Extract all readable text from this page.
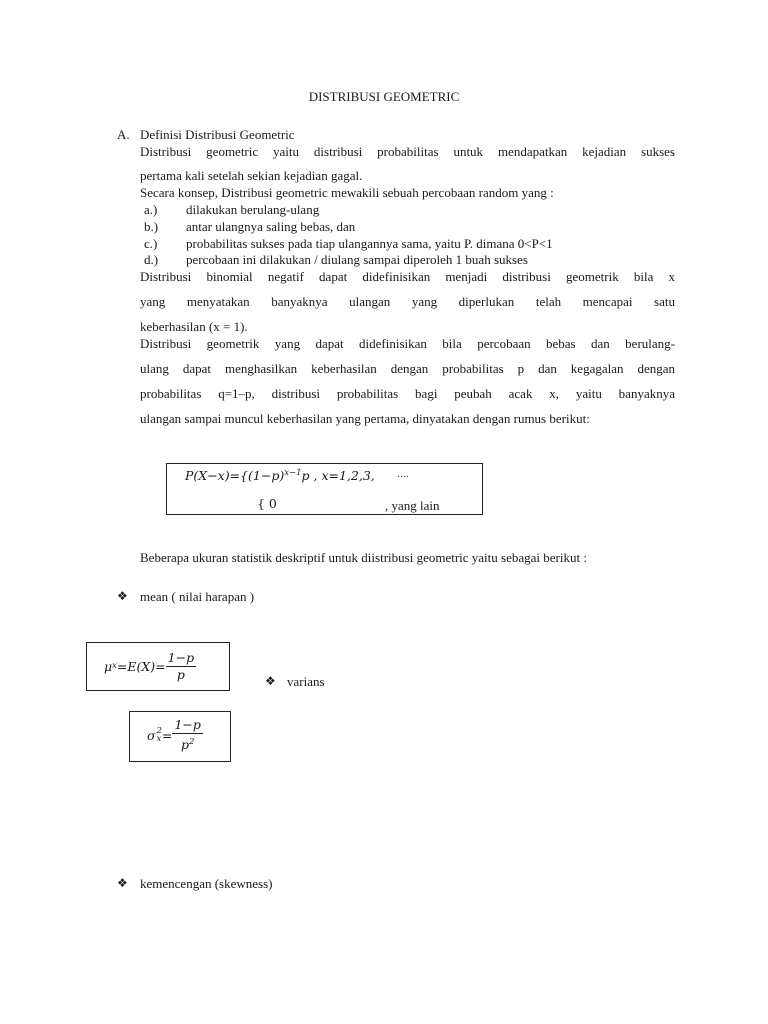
DISTRIBUSI GEOMETRIC
A. Definisi Distribusi Geometric
Distribusi geometric yaitu distribusi probabilitas untuk mendapatkan kejadian sukses
pertama kali setelah sekian kejadian gagal.
Secara konsep, Distribusi geometric mewakili sebuah percobaan random yang :
a.) dilakukan berulang-ulang
b.) antar ulangnya saling bebas, dan
c.) probabilitas sukses pada tiap ulangannya sama, yaitu P. dimana 0<P<1
d.) percobaan ini dilakukan / diulang sampai diperoleh 1 buah sukses
Distribusi binomial negatif dapat didefinisikan menjadi distribusi geometrik bila x
yang menyatakan banyaknya ulangan yang diperlukan telah mencapai satu
keberhasilan (x = 1).
Distribusi geometrik yang dapat didefinisikan bila percobaan bebas dan berulang-
ulang dapat menghasilkan keberhasilan dengan probabilitas p dan kegagalan dengan
probabilitas q=1–p, distribusi probabilitas bagi peubah acak x, yaitu banyaknya
ulangan sampai muncul keberhasilan yang pertama, dinyatakan dengan rumus berikut:
$P(X-x)=\{(1-p)^{x-1}p$ , x=1,2,3, ….
{ 0	, yang lain
Beberapa ukuran statistik deskriptif untuk diistribusi geometric yaitu sebagai berikut :
❖ mean ( nilai harapan )
μ $x =E(X)= \frac{1-p}{p}$	❖ varians
σ 2
$x = \frac{1-p}{p^2}$
❖ kemencengan (skewness)
